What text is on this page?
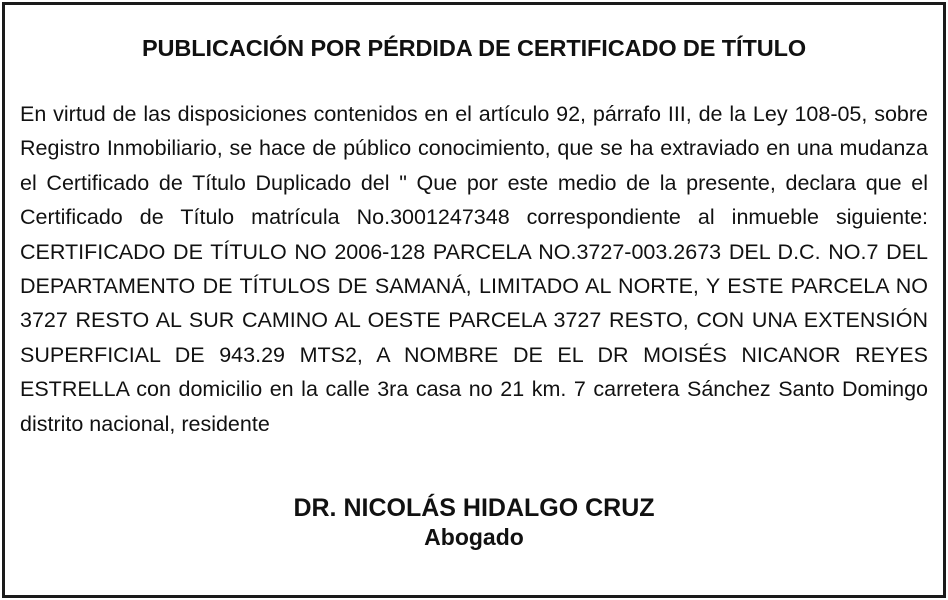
PUBLICACIÓN POR PÉRDIDA DE CERTIFICADO DE TÍTULO

En virtud de las disposiciones contenidos en el artículo 92, párrafo III, de la Ley 108-05, sobre Registro Inmobiliario, se hace de público conocimiento, que se ha extraviado en una mudanza el Certificado de Título Duplicado del " Que por este medio de la presente, declara que el Certificado de Título matrícula No.3001247348 correspondiente al inmueble siguiente: CERTIFICADO DE TÍTULO NO 2006-128 PARCELA NO.3727-003.2673 DEL D.C. NO.7 DEL DEPARTAMENTO DE TÍTULOS DE SAMANÁ, LIMITADO AL NORTE, Y ESTE PARCELA NO 3727 RESTO AL SUR CAMINO AL OESTE PARCELA 3727 RESTO, CON UNA EXTENSIÓN SUPERFICIAL DE 943.29 MTS2, A NOMBRE DE EL DR MOISÉS NICANOR REYES ESTRELLA con domicilio en la calle 3ra casa no 21 km. 7 carretera Sánchez Santo Domingo distrito nacional, residente

DR. NICOLÁS HIDALGO CRUZ
Abogado
